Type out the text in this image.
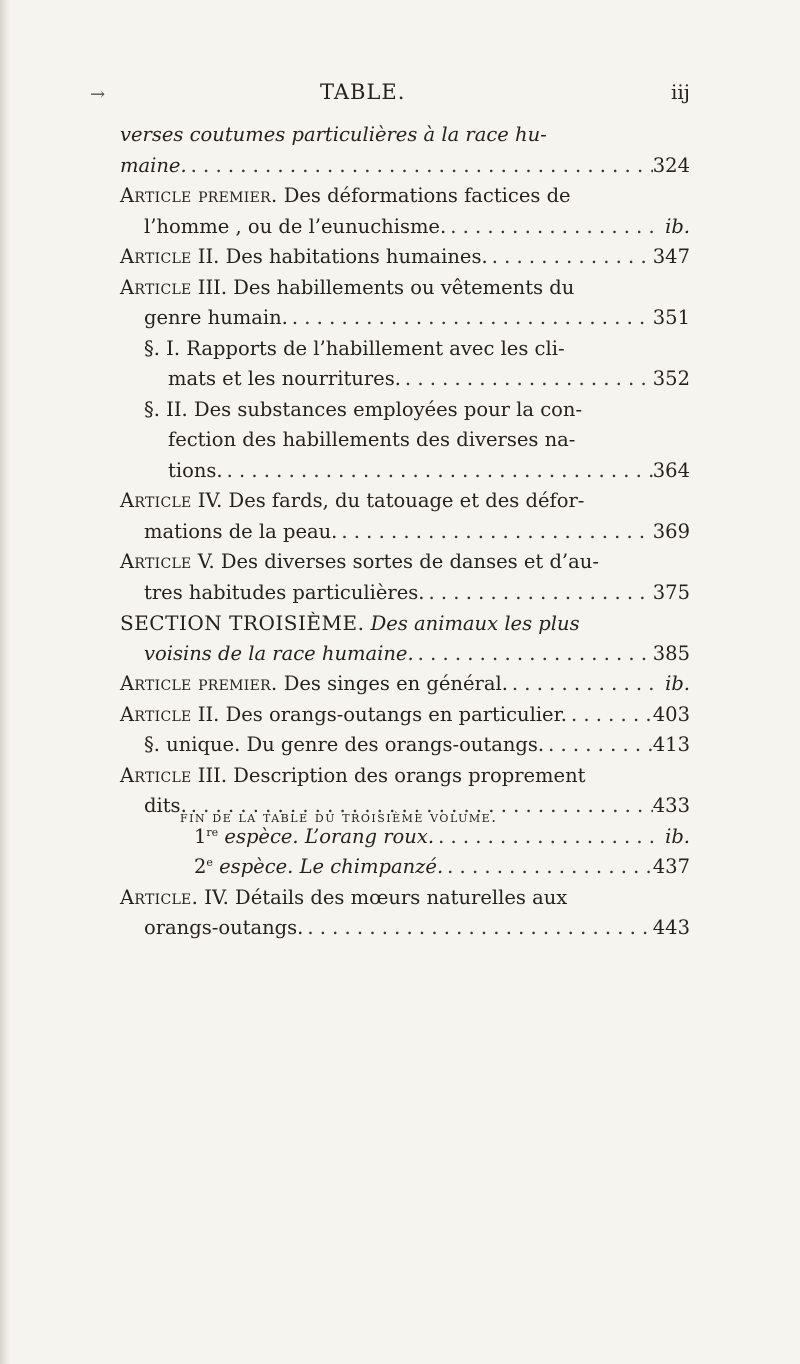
→	TABLE.	iij
verses coutumes particulières à la race hu-
maine. . . .	324
Article premier. Des déformations factices de
l’homme , ou de l’eunuchisme. . . .	ib.
Article II. Des habitations humaines. . . .	347
Article III. Des habillements ou vêtements du
genre humain. . . .	351
§. I. Rapports de l’habillement avec les cli-
mats et les nourritures. . . .	352
§. II. Des substances employées pour la con-
fection des habillements des diverses na-
tions. . . .	364
Article IV. Des fards, du tatouage et des défor-
mations de la peau. . . .	369
Article V. Des diverses sortes de danses et d’au-
tres habitudes particulières. . . .	375
SECTION TROISIÈME. Des animaux les plus
voisins de la race humaine. . . .	385
Article premier. Des singes en général. . . .	ib.
Article II. Des orangs-outangs en particulier. . . .	403
§. unique. Du genre des orangs-outangs. . . .	413
Article III. Description des orangs proprement
dits. . . .	433
1re espèce. L’orang roux. . . .	ib.
2e espèce. Le chimpanzé. . . .	437
Article. IV. Détails des mœurs naturelles aux
orangs-outangs. . . .	443
fin de la table du troisième volume.
